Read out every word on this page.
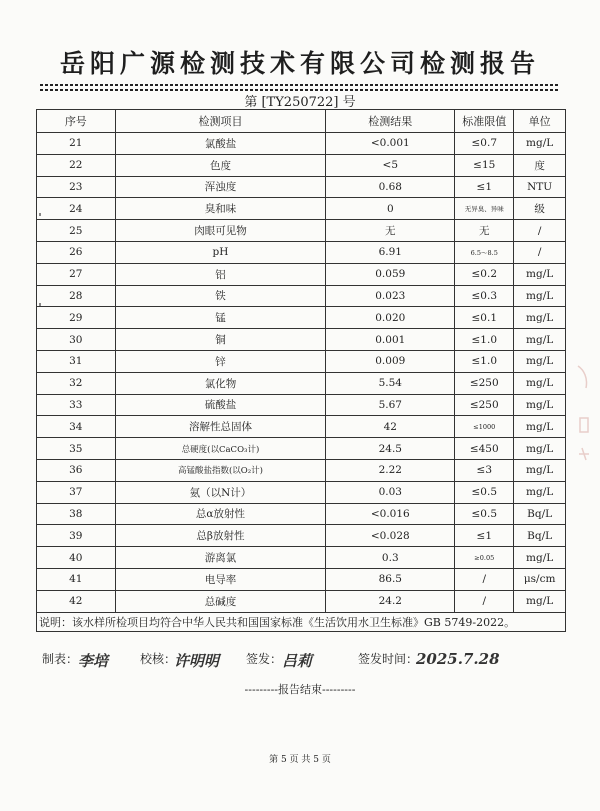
岳阳广源检测技术有限公司检测报告
第 [TY250722] 号
序号	检测项目	检测结果	标准限值	单位
21	氯酸盐	<0.001	≤0.7	mg/L
22	色度	<5	≤15	度
23	浑浊度	0.68	≤1	NTU
24	臭和味	0	无异臭、异味	级
25	肉眼可见物	无	无	/
26	pH	6.91	6.5～8.5	/
27	铝	0.059	≤0.2	mg/L
28	铁	0.023	≤0.3	mg/L
29	锰	0.020	≤0.1	mg/L
30	铜	0.001	≤1.0	mg/L
31	锌	0.009	≤1.0	mg/L
32	氯化物	5.54	≤250	mg/L
33	硫酸盐	5.67	≤250	mg/L
34	溶解性总固体	42	≤1000	mg/L
35	总硬度(以CaCO₃计)	24.5	≤450	mg/L
36	高锰酸盐指数(以O₂计)	2.22	≤3	mg/L
37	氨（以N计）	0.03	≤0.5	mg/L
38	总α放射性	<0.016	≤0.5	Bq/L
39	总β放射性	<0.028	≤1	Bq/L
40	游离氯	0.3	≥0.05	mg/L
41	电导率	86.5	/	μs/cm
42	总碱度	24.2	/	mg/L
说明：该水样所检项目均符合中华人民共和国国家标准《生活饮用水卫生标准》GB 5749-2022。				
制表： 李培	校核：
许明明 签发： 吕莉	签发时间：
2025.7.28
---------报告结束---------
第 5 页 共 5 页
